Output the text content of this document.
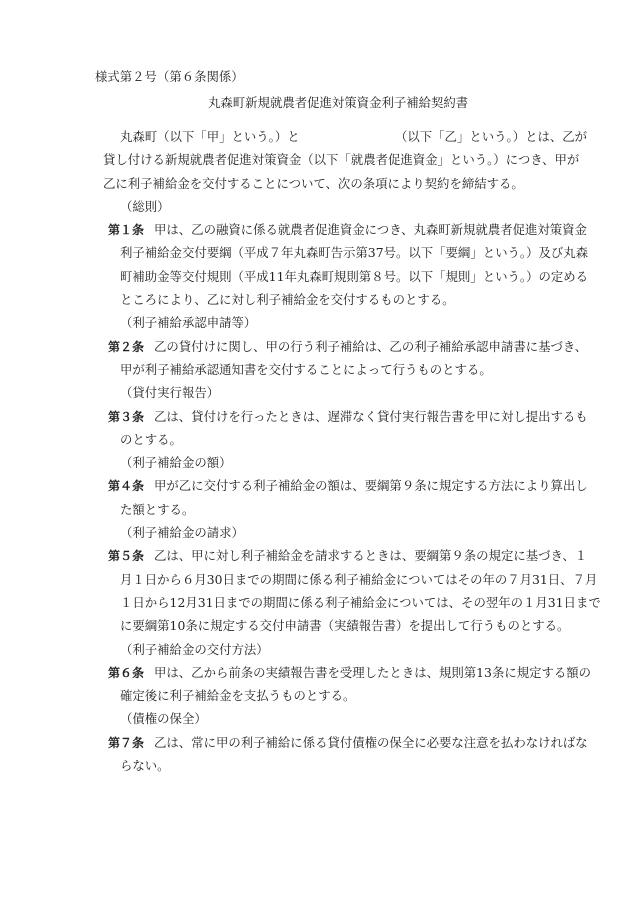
様式第２号（第６条関係）
丸森町新規就農者促進対策資金利子補給契約書
丸森町（以下「甲」という。）と	（以下「乙」という。）とは、乙が
貸し付ける新規就農者促進対策資金（以下「就農者促進資金」という。）につき、甲が
乙に利子補給金を交付することについて、次の条項により契約を締結する。
（総則）
第１条 甲は、乙の融資に係る就農者促進資金につき、丸森町新規就農者促進対策資金
利子補給金交付要綱（平成７年丸森町告示第37号。以下「要綱」という。）及び丸森
町補助金等交付規則（平成11年丸森町規則第８号。以下「規則」という。）の定める
ところにより、乙に対し利子補給金を交付するものとする。
（利子補給承認申請等）
第２条 乙の貸付けに関し、甲の行う利子補給は、乙の利子補給承認申請書に基づき、
甲が利子補給承認通知書を交付することによって行うものとする。
（貸付実行報告）
第３条 乙は、貸付けを行ったときは、遅滞なく貸付実行報告書を甲に対し提出するも
のとする。
（利子補給金の額）
第４条 甲が乙に交付する利子補給金の額は、要綱第９条に規定する方法により算出し
た額とする。
（利子補給金の請求）
第５条 乙は、甲に対し利子補給金を請求するときは、要綱第９条の規定に基づき、１
月１日から６月30日までの期間に係る利子補給金についてはその年の７月31日、７月
１日から12月31日までの期間に係る利子補給金については、その翌年の１月31日まで
に要綱第10条に規定する交付申請書（実績報告書）を提出して行うものとする。
（利子補給金の交付方法）
第６条 甲は、乙から前条の実績報告書を受理したときは、規則第13条に規定する額の
確定後に利子補給金を支払うものとする。
（債権の保全）
第７条 乙は、常に甲の利子補給に係る貸付債権の保全に必要な注意を払わなければな
らない。
